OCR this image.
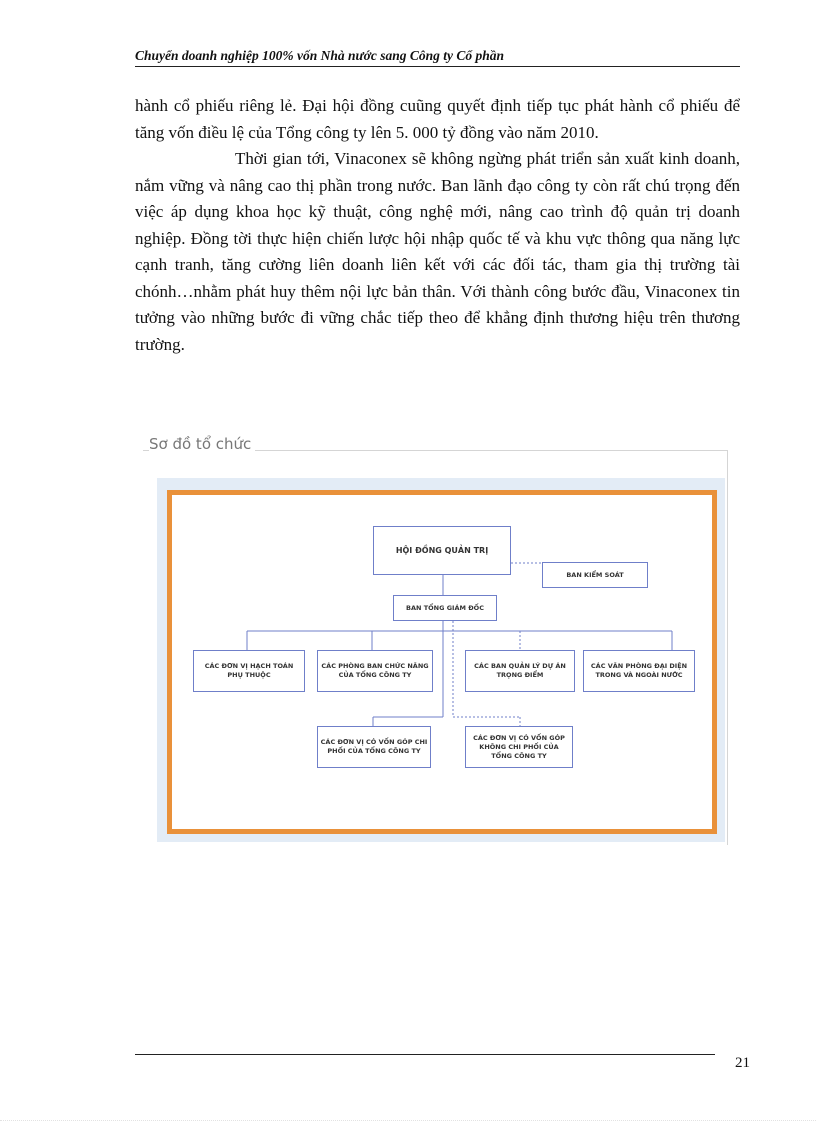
Chuyển doanh nghiệp 100% vốn Nhà nước sang Công ty Cổ phần

hành cổ phiếu riêng lẻ. Đại hội đồng cuũng quyết định tiếp tục phát hành cổ phiếu để tăng vốn điều lệ của Tổng công ty lên 5. 000 tỷ đồng vào năm 2010.

Thời gian tới, Vinaconex sẽ không ngừng phát triển sản xuất kinh doanh, nắm vững và nâng cao thị phần trong nước. Ban lãnh đạo công ty còn rất chú trọng đến việc áp dụng khoa học kỹ thuật, công nghệ mới, nâng cao trình độ quản trị doanh nghiệp. Đồng tời thực hiện chiến lược hội nhập quốc tế và khu vực thông qua năng lực cạnh tranh, tăng cường liên doanh liên kết với các đối tác, tham gia thị trường tài chónh…nhằm phát huy thêm nội lực bản thân. Với thành công bước đầu, Vinaconex tin tưởng vào những bước đi vững chắc tiếp theo để khẳng định thương hiệu trên thương trường.

Sơ đồ tổ chức
HỘI ĐỒNG QUẢN TRỊ
BAN KIỂM SOÁT
BAN TỔNG GIÁM ĐỐC
CÁC ĐƠN VỊ HẠCH TOÁN PHỤ THUỘC
CÁC PHÒNG BAN CHỨC NĂNG CỦA TỔNG CÔNG TY
CÁC BAN QUẢN LÝ DỰ ÁN TRỌNG ĐIỂM
CÁC VĂN PHÒNG ĐẠI DIỆN TRONG VÀ NGOÀI NƯỚC
CÁC ĐƠN VỊ CÓ VỐN GÓP CHI PHỐI CỦA TỔNG CÔNG TY
CÁC ĐƠN VỊ CÓ VỐN GÓP KHÔNG CHI PHỐI CỦA TỔNG CÔNG TY
21
